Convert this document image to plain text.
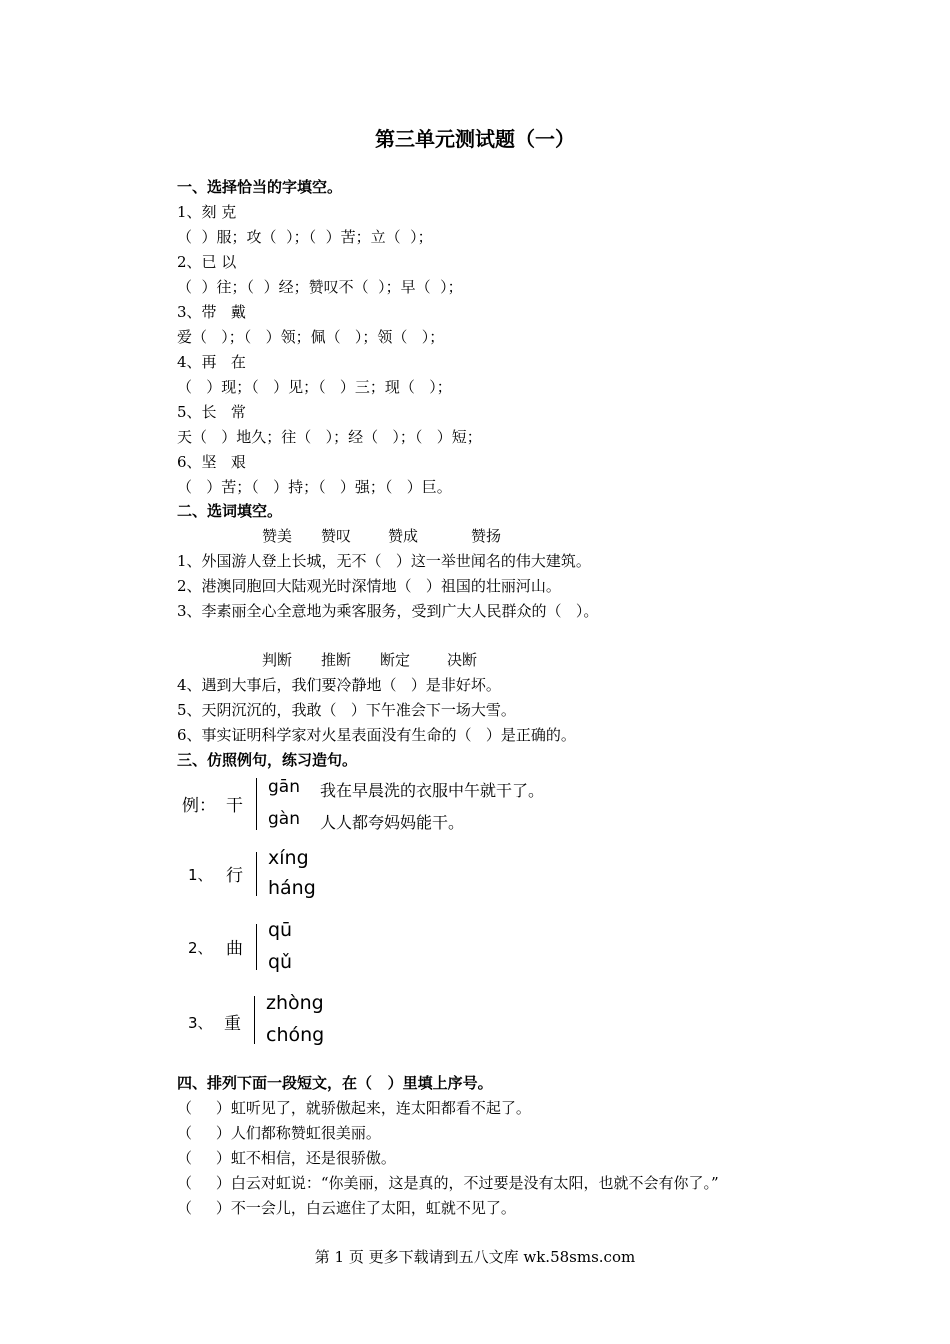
第三单元测试题（一）
一、选择恰当的字填空。
1、刻 克
（  ）服；攻（  ）；（  ）苦；立（  ）；
2、已 以
（  ）往；（  ）经；赞叹不（  ）；早（  ）；
3、带   戴
爱（   ）；（   ）领；佩（   ）；领（   ）；
4、再   在
（   ）现；（   ）见；（   ）三；现（   ）；
5、长   常
天（   ）地久；往（   ）；经（   ）；（   ）短；
6、坚   艰
（   ）苦；（   ）持；（   ）强；（   ）巨。
二、选词填空。
赞美 赞叹 赞成	赞扬
1、外国游人登上长城，无不（   ）这一举世闻名的伟大建筑。
2、港澳同胞回大陆观光时深情地（   ）祖国的壮丽河山。
3、李素丽全心全意地为乘客服务，受到广大人民群众的（   ）。
判断 推断 断定 决断
4、遇到大事后，我们要冷静地（   ）是非好坏。
5、天阴沉沉的，我敢（   ）下午准会下一场大雪。
6、事实证明科学家对火星表面没有生命的（   ）是正确的。
三、仿照例句，练习造句。
例： 干
gān 我在早晨洗的衣服中午就干了。
gàn 人人都夸妈妈能干。
1、 行
xíng
háng
2、 曲
qū
qǔ
3、 重
zhòng
chóng
四、排列下面一段短文，在（   ）里填上序号。
（     ）虹听见了，就骄傲起来，连太阳都看不起了。
（     ）人们都称赞虹很美丽。
（     ）虹不相信，还是很骄傲。
（     ）白云对虹说：“你美丽，这是真的，不过要是没有太阳，也就不会有你了。”
（     ）不一会儿，白云遮住了太阳，虹就不见了。
第 1 页 更多下载请到五八文库 wk.58sms.com
